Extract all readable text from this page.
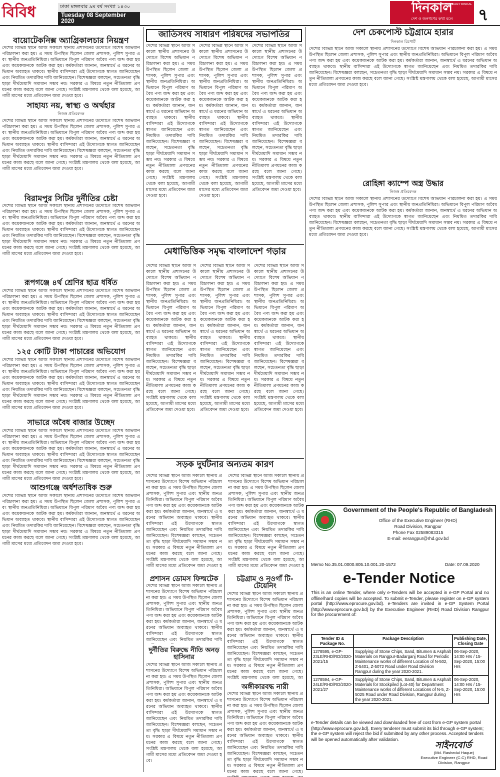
বিবিধ	ঢাকা মঙ্গলবার ৯ম বর্ষ সংখ্যা ১৪৩০
Tuesday 08 September 2020
THE DAILY DINKAL
দিনকাল
দেশ ও জনগণের কথা বলে	৭
বায়োটেকনিক্স অ্যাগ্রিকালচার নিয়ন্ত্রণ
দেশের বিভিন্ন স্থানে আজ সকালে স্থানীয় প্রশাসনের উদ্যোগে বিশেষ অভিযান পরিচালনা করা হয়। এ সময় উপস্থিত ছিলেন জেলা প্রশাসক, পুলিশ সুপার এবং স্থানীয় জনপ্রতিনিধিরা। অভিযানে বিপুল পরিমাণ অবৈধ পণ্য জব্দ করা হয় এবং কয়েকজনকে আটক করা হয়। কর্মকর্তারা জানান, জনস্বার্থে এ ধরনের অভিযান অব্যাহত থাকবে। স্থানীয় বাসিন্দারা এই উদ্যোগকে স্বাগত জানিয়েছেন এবং নিয়মিত তদারকির দাবি জানিয়েছেন। বিশেষজ্ঞরা বলছেন, সচেতনতা বৃদ্ধি ছাড়া দীর্ঘমেয়াদি সমাধান সম্ভব নয়। সরকার এ বিষয়ে নতুন নীতিমালা প্রণয়নের কাজ করছে বলে জানা গেছে। সংশ্লিষ্ট মন্ত্রণালয় থেকে বলা হয়েছে, আগামী মাসের মধ্যে প্রতিবেদন জমা দেওয়া হবে।
সাহায্য নয়, স্বাস্থ্য ও অর্থহার
নিজস্ব প্রতিবেদক
দেশের বিভিন্ন স্থানে আজ সকালে স্থানীয় প্রশাসনের উদ্যোগে বিশেষ অভিযান পরিচালনা করা হয়। এ সময় উপস্থিত ছিলেন জেলা প্রশাসক, পুলিশ সুপার এবং স্থানীয় জনপ্রতিনিধিরা। অভিযানে বিপুল পরিমাণ অবৈধ পণ্য জব্দ করা হয় এবং কয়েকজনকে আটক করা হয়। কর্মকর্তারা জানান, জনস্বার্থে এ ধরনের অভিযান অব্যাহত থাকবে। স্থানীয় বাসিন্দারা এই উদ্যোগকে স্বাগত জানিয়েছেন এবং নিয়মিত তদারকির দাবি জানিয়েছেন। বিশেষজ্ঞরা বলছেন, সচেতনতা বৃদ্ধি ছাড়া দীর্ঘমেয়াদি সমাধান সম্ভব নয়। সরকার এ বিষয়ে নতুন নীতিমালা প্রণয়নের কাজ করছে বলে জানা গেছে। সংশ্লিষ্ট মন্ত্রণালয় থেকে বলা হয়েছে, আগামী মাসের মধ্যে প্রতিবেদন জমা দেওয়া হবে।
বিরামপুর সিটির দুর্নীতির চেষ্টা
দেশের বিভিন্ন স্থানে আজ সকালে স্থানীয় প্রশাসনের উদ্যোগে বিশেষ অভিযান পরিচালনা করা হয়। এ সময় উপস্থিত ছিলেন জেলা প্রশাসক, পুলিশ সুপার এবং স্থানীয় জনপ্রতিনিধিরা। অভিযানে বিপুল পরিমাণ অবৈধ পণ্য জব্দ করা হয় এবং কয়েকজনকে আটক করা হয়। কর্মকর্তারা জানান, জনস্বার্থে এ ধরনের অভিযান অব্যাহত থাকবে। স্থানীয় বাসিন্দারা এই উদ্যোগকে স্বাগত জানিয়েছেন এবং নিয়মিত তদারকির দাবি জানিয়েছেন। বিশেষজ্ঞরা বলছেন, সচেতনতা বৃদ্ধি ছাড়া দীর্ঘমেয়াদি সমাধান সম্ভব নয়। সরকার এ বিষয়ে নতুন নীতিমালা প্রণয়নের কাজ করছে বলে জানা গেছে। সংশ্লিষ্ট মন্ত্রণালয় থেকে বলা হয়েছে, আগামী মাসের মধ্যে প্রতিবেদন জমা দেওয়া হবে।
রূপগঞ্জে ৪র্থ শ্রেণির ছাত্র ধর্ষিত
দেশের বিভিন্ন স্থানে আজ সকালে স্থানীয় প্রশাসনের উদ্যোগে বিশেষ অভিযান পরিচালনা করা হয়। এ সময় উপস্থিত ছিলেন জেলা প্রশাসক, পুলিশ সুপার এবং স্থানীয় জনপ্রতিনিধিরা। অভিযানে বিপুল পরিমাণ অবৈধ পণ্য জব্দ করা হয় এবং কয়েকজনকে আটক করা হয়। কর্মকর্তারা জানান, জনস্বার্থে এ ধরনের অভিযান অব্যাহত থাকবে। স্থানীয় বাসিন্দারা এই উদ্যোগকে স্বাগত জানিয়েছেন এবং নিয়মিত তদারকির দাবি জানিয়েছেন। বিশেষজ্ঞরা বলছেন, সচেতনতা বৃদ্ধি ছাড়া দীর্ঘমেয়াদি সমাধান সম্ভব নয়। সরকার এ বিষয়ে নতুন নীতিমালা প্রণয়নের কাজ করছে বলে জানা গেছে। সংশ্লিষ্ট মন্ত্রণালয় থেকে বলা হয়েছে, আগামী মাসের মধ্যে প্রতিবেদন জমা দেওয়া হবে।
১২৫ কোটি টাকা পাচারের অভিযোগ
দেশের বিভিন্ন স্থানে আজ সকালে স্থানীয় প্রশাসনের উদ্যোগে বিশেষ অভিযান পরিচালনা করা হয়। এ সময় উপস্থিত ছিলেন জেলা প্রশাসক, পুলিশ সুপার এবং স্থানীয় জনপ্রতিনিধিরা। অভিযানে বিপুল পরিমাণ অবৈধ পণ্য জব্দ করা হয় এবং কয়েকজনকে আটক করা হয়। কর্মকর্তারা জানান, জনস্বার্থে এ ধরনের অভিযান অব্যাহত থাকবে। স্থানীয় বাসিন্দারা এই উদ্যোগকে স্বাগত জানিয়েছেন এবং নিয়মিত তদারকির দাবি জানিয়েছেন। বিশেষজ্ঞরা বলছেন, সচেতনতা বৃদ্ধি ছাড়া দীর্ঘমেয়াদি সমাধান সম্ভব নয়। সরকার এ বিষয়ে নতুন নীতিমালা প্রণয়নের কাজ করছে বলে জানা গেছে। সংশ্লিষ্ট মন্ত্রণালয় থেকে বলা হয়েছে, আগামী মাসের মধ্যে প্রতিবেদন জমা দেওয়া হবে।
সাভারে অবৈধ বাজার উচ্ছেদ
দেশের বিভিন্ন স্থানে আজ সকালে স্থানীয় প্রশাসনের উদ্যোগে বিশেষ অভিযান পরিচালনা করা হয়। এ সময় উপস্থিত ছিলেন জেলা প্রশাসক, পুলিশ সুপার এবং স্থানীয় জনপ্রতিনিধিরা। অভিযানে বিপুল পরিমাণ অবৈধ পণ্য জব্দ করা হয় এবং কয়েকজনকে আটক করা হয়। কর্মকর্তারা জানান, জনস্বার্থে এ ধরনের অভিযান অব্যাহত থাকবে। স্থানীয় বাসিন্দারা এই উদ্যোগকে স্বাগত জানিয়েছেন এবং নিয়মিত তদারকির দাবি জানিয়েছেন। বিশেষজ্ঞরা বলছেন, সচেতনতা বৃদ্ধি ছাড়া দীর্ঘমেয়াদি সমাধান সম্ভব নয়। সরকার এ বিষয়ে নতুন নীতিমালা প্রণয়নের কাজ করছে বলে জানা গেছে। সংশ্লিষ্ট মন্ত্রণালয় থেকে বলা হয়েছে, আগামী মাসের মধ্যে প্রতিবেদন জমা দেওয়া হবে।
আশুগঞ্জে অর্ধশতাধিক শুরু
দেশের বিভিন্ন স্থানে আজ সকালে স্থানীয় প্রশাসনের উদ্যোগে বিশেষ অভিযান পরিচালনা করা হয়। এ সময় উপস্থিত ছিলেন জেলা প্রশাসক, পুলিশ সুপার এবং স্থানীয় জনপ্রতিনিধিরা। অভিযানে বিপুল পরিমাণ অবৈধ পণ্য জব্দ করা হয় এবং কয়েকজনকে আটক করা হয়। কর্মকর্তারা জানান, জনস্বার্থে এ ধরনের অভিযান অব্যাহত থাকবে। স্থানীয় বাসিন্দারা এই উদ্যোগকে স্বাগত জানিয়েছেন এবং নিয়মিত তদারকির দাবি জানিয়েছেন। বিশেষজ্ঞরা বলছেন, সচেতনতা বৃদ্ধি ছাড়া দীর্ঘমেয়াদি সমাধান সম্ভব নয়। সরকার এ বিষয়ে নতুন নীতিমালা প্রণয়নের কাজ করছে বলে জানা গেছে। সংশ্লিষ্ট মন্ত্রণালয় থেকে বলা হয়েছে, আগামী মাসের মধ্যে প্রতিবেদন জমা দেওয়া হবে।
জাতিসংঘ সাধারণ পরিষদের সভাপতির
দেশের বিভিন্ন স্থানে আজ সকালে স্থানীয় প্রশাসনের উদ্যোগে বিশেষ অভিযান পরিচালনা করা হয়। এ সময় উপস্থিত ছিলেন জেলা প্রশাসক, পুলিশ সুপার এবং স্থানীয় জনপ্রতিনিধিরা। অভিযানে বিপুল পরিমাণ অবৈধ পণ্য জব্দ করা হয় এবং কয়েকজনকে আটক করা হয়। কর্মকর্তারা জানান, জনস্বার্থে এ ধরনের অভিযান অব্যাহত থাকবে। স্থানীয় বাসিন্দারা এই উদ্যোগকে স্বাগত জানিয়েছেন এবং নিয়মিত তদারকির দাবি জানিয়েছেন। বিশেষজ্ঞরা বলছেন, সচেতনতা বৃদ্ধি ছাড়া দীর্ঘমেয়াদি সমাধান সম্ভব নয়। সরকার এ বিষয়ে নতুন নীতিমালা প্রণয়নের কাজ করছে বলে জানা গেছে। সংশ্লিষ্ট মন্ত্রণালয় থেকে বলা হয়েছে, আগামী মাসের মধ্যে প্রতিবেদন জমা দেওয়া হবে।
দেশের বিভিন্ন স্থানে আজ সকালে স্থানীয় প্রশাসনের উদ্যোগে বিশেষ অভিযান পরিচালনা করা হয়। এ সময় উপস্থিত ছিলেন জেলা প্রশাসক, পুলিশ সুপার এবং স্থানীয় জনপ্রতিনিধিরা। অভিযানে বিপুল পরিমাণ অবৈধ পণ্য জব্দ করা হয় এবং কয়েকজনকে আটক করা হয়। কর্মকর্তারা জানান, জনস্বার্থে এ ধরনের অভিযান অব্যাহত থাকবে। স্থানীয় বাসিন্দারা এই উদ্যোগকে স্বাগত জানিয়েছেন এবং নিয়মিত তদারকির দাবি জানিয়েছেন। বিশেষজ্ঞরা বলছেন, সচেতনতা বৃদ্ধি ছাড়া দীর্ঘমেয়াদি সমাধান সম্ভব নয়। সরকার এ বিষয়ে নতুন নীতিমালা প্রণয়নের কাজ করছে বলে জানা গেছে। সংশ্লিষ্ট মন্ত্রণালয় থেকে বলা হয়েছে, আগামী মাসের মধ্যে প্রতিবেদন জমা দেওয়া হবে।
দেশের বিভিন্ন স্থানে আজ সকালে স্থানীয় প্রশাসনের উদ্যোগে বিশেষ অভিযান পরিচালনা করা হয়। এ সময় উপস্থিত ছিলেন জেলা প্রশাসক, পুলিশ সুপার এবং স্থানীয় জনপ্রতিনিধিরা। অভিযানে বিপুল পরিমাণ অবৈধ পণ্য জব্দ করা হয় এবং কয়েকজনকে আটক করা হয়। কর্মকর্তারা জানান, জনস্বার্থে এ ধরনের অভিযান অব্যাহত থাকবে। স্থানীয় বাসিন্দারা এই উদ্যোগকে স্বাগত জানিয়েছেন এবং নিয়মিত তদারকির দাবি জানিয়েছেন। বিশেষজ্ঞরা বলছেন, সচেতনতা বৃদ্ধি ছাড়া দীর্ঘমেয়াদি সমাধান সম্ভব নয়। সরকার এ বিষয়ে নতুন নীতিমালা প্রণয়নের কাজ করছে বলে জানা গেছে। সংশ্লিষ্ট মন্ত্রণালয় থেকে বলা হয়েছে, আগামী মাসের মধ্যে প্রতিবেদন জমা দেওয়া হবে।
দেশ চেকপোস্ট চট্টগ্রামে হারার
দিনকাল রিপোর্ট
দেশের বিভিন্ন স্থানে আজ সকালে স্থানীয় প্রশাসনের উদ্যোগে বিশেষ অভিযান পরিচালনা করা হয়। এ সময় উপস্থিত ছিলেন জেলা প্রশাসক, পুলিশ সুপার এবং স্থানীয় জনপ্রতিনিধিরা। অভিযানে বিপুল পরিমাণ অবৈধ পণ্য জব্দ করা হয় এবং কয়েকজনকে আটক করা হয়। কর্মকর্তারা জানান, জনস্বার্থে এ ধরনের অভিযান অব্যাহত থাকবে। স্থানীয় বাসিন্দারা এই উদ্যোগকে স্বাগত জানিয়েছেন এবং নিয়মিত তদারকির দাবি জানিয়েছেন। বিশেষজ্ঞরা বলছেন, সচেতনতা বৃদ্ধি ছাড়া দীর্ঘমেয়াদি সমাধান সম্ভব নয়। সরকার এ বিষয়ে নতুন নীতিমালা প্রণয়নের কাজ করছে বলে জানা গেছে। সংশ্লিষ্ট মন্ত্রণালয় থেকে বলা হয়েছে, আগামী মাসের মধ্যে প্রতিবেদন জমা দেওয়া হবে।
রোহিঙ্গা ক্যাম্পে অস্ত্র উদ্ধার
নিজস্ব প্রতিবেদক
দেশের বিভিন্ন স্থানে আজ সকালে স্থানীয় প্রশাসনের উদ্যোগে বিশেষ অভিযান পরিচালনা করা হয়। এ সময় উপস্থিত ছিলেন জেলা প্রশাসক, পুলিশ সুপার এবং স্থানীয় জনপ্রতিনিধিরা। অভিযানে বিপুল পরিমাণ অবৈধ পণ্য জব্দ করা হয় এবং কয়েকজনকে আটক করা হয়। কর্মকর্তারা জানান, জনস্বার্থে এ ধরনের অভিযান অব্যাহত থাকবে। স্থানীয় বাসিন্দারা এই উদ্যোগকে স্বাগত জানিয়েছেন এবং নিয়মিত তদারকির দাবি জানিয়েছেন। বিশেষজ্ঞরা বলছেন, সচেতনতা বৃদ্ধি ছাড়া দীর্ঘমেয়াদি সমাধান সম্ভব নয়। সরকার এ বিষয়ে নতুন নীতিমালা প্রণয়নের কাজ করছে বলে জানা গেছে। সংশ্লিষ্ট মন্ত্রণালয় থেকে বলা হয়েছে, আগামী মাসের মধ্যে প্রতিবেদন জমা দেওয়া হবে।
মেধাভিত্তিক সমৃদ্ধ বাংলাদেশ গড়ার
দেশের বিভিন্ন স্থানে আজ সকালে স্থানীয় প্রশাসনের উদ্যোগে বিশেষ অভিযান পরিচালনা করা হয়। এ সময় উপস্থিত ছিলেন জেলা প্রশাসক, পুলিশ সুপার এবং স্থানীয় জনপ্রতিনিধিরা। অভিযানে বিপুল পরিমাণ অবৈধ পণ্য জব্দ করা হয় এবং কয়েকজনকে আটক করা হয়। কর্মকর্তারা জানান, জনস্বার্থে এ ধরনের অভিযান অব্যাহত থাকবে। স্থানীয় বাসিন্দারা এই উদ্যোগকে স্বাগত জানিয়েছেন এবং নিয়মিত তদারকির দাবি জানিয়েছেন। বিশেষজ্ঞরা বলছেন, সচেতনতা বৃদ্ধি ছাড়া দীর্ঘমেয়াদি সমাধান সম্ভব নয়। সরকার এ বিষয়ে নতুন নীতিমালা প্রণয়নের কাজ করছে বলে জানা গেছে। সংশ্লিষ্ট মন্ত্রণালয় থেকে বলা হয়েছে, আগামী মাসের মধ্যে প্রতিবেদন জমা দেওয়া হবে।
দেশের বিভিন্ন স্থানে আজ সকালে স্থানীয় প্রশাসনের উদ্যোগে বিশেষ অভিযান পরিচালনা করা হয়। এ সময় উপস্থিত ছিলেন জেলা প্রশাসক, পুলিশ সুপার এবং স্থানীয় জনপ্রতিনিধিরা। অভিযানে বিপুল পরিমাণ অবৈধ পণ্য জব্দ করা হয় এবং কয়েকজনকে আটক করা হয়। কর্মকর্তারা জানান, জনস্বার্থে এ ধরনের অভিযান অব্যাহত থাকবে। স্থানীয় বাসিন্দারা এই উদ্যোগকে স্বাগত জানিয়েছেন এবং নিয়মিত তদারকির দাবি জানিয়েছেন। বিশেষজ্ঞরা বলছেন, সচেতনতা বৃদ্ধি ছাড়া দীর্ঘমেয়াদি সমাধান সম্ভব নয়। সরকার এ বিষয়ে নতুন নীতিমালা প্রণয়নের কাজ করছে বলে জানা গেছে। সংশ্লিষ্ট মন্ত্রণালয় থেকে বলা হয়েছে, আগামী মাসের মধ্যে প্রতিবেদন জমা দেওয়া হবে।
দেশের বিভিন্ন স্থানে আজ সকালে স্থানীয় প্রশাসনের উদ্যোগে বিশেষ অভিযান পরিচালনা করা হয়। এ সময় উপস্থিত ছিলেন জেলা প্রশাসক, পুলিশ সুপার এবং স্থানীয় জনপ্রতিনিধিরা। অভিযানে বিপুল পরিমাণ অবৈধ পণ্য জব্দ করা হয় এবং কয়েকজনকে আটক করা হয়। কর্মকর্তারা জানান, জনস্বার্থে এ ধরনের অভিযান অব্যাহত থাকবে। স্থানীয় বাসিন্দারা এই উদ্যোগকে স্বাগত জানিয়েছেন এবং নিয়মিত তদারকির দাবি জানিয়েছেন। বিশেষজ্ঞরা বলছেন, সচেতনতা বৃদ্ধি ছাড়া দীর্ঘমেয়াদি সমাধান সম্ভব নয়। সরকার এ বিষয়ে নতুন নীতিমালা প্রণয়নের কাজ করছে বলে জানা গেছে। সংশ্লিষ্ট মন্ত্রণালয় থেকে বলা হয়েছে, আগামী মাসের মধ্যে প্রতিবেদন জমা দেওয়া হবে।
সড়ক দুর্ঘটনার অন্যতম কারণ
দেশের বিভিন্ন স্থানে আজ সকালে স্থানীয় প্রশাসনের উদ্যোগে বিশেষ অভিযান পরিচালনা করা হয়। এ সময় উপস্থিত ছিলেন জেলা প্রশাসক, পুলিশ সুপার এবং স্থানীয় জনপ্রতিনিধিরা। অভিযানে বিপুল পরিমাণ অবৈধ পণ্য জব্দ করা হয় এবং কয়েকজনকে আটক করা হয়। কর্মকর্তারা জানান, জনস্বার্থে এ ধরনের অভিযান অব্যাহত থাকবে। স্থানীয় বাসিন্দারা এই উদ্যোগকে স্বাগত জানিয়েছেন এবং নিয়মিত তদারকির দাবি জানিয়েছেন। বিশেষজ্ঞরা বলছেন, সচেতনতা বৃদ্ধি ছাড়া দীর্ঘমেয়াদি সমাধান সম্ভব নয়। সরকার এ বিষয়ে নতুন নীতিমালা প্রণয়নের কাজ করছে বলে জানা গেছে। সংশ্লিষ্ট মন্ত্রণালয় থেকে বলা হয়েছে, আগামী মাসের মধ্যে প্রতিবেদন জমা দেওয়া হ
দেশের বিভিন্ন স্থানে আজ সকালে স্থানীয় প্রশাসনের উদ্যোগে বিশেষ অভিযান পরিচালনা করা হয়। এ সময় উপস্থিত ছিলেন জেলা প্রশাসক, পুলিশ সুপার এবং স্থানীয় জনপ্রতিনিধিরা। অভিযানে বিপুল পরিমাণ অবৈধ পণ্য জব্দ করা হয় এবং কয়েকজনকে আটক করা হয়। কর্মকর্তারা জানান, জনস্বার্থে এ ধরনের অভিযান অব্যাহত থাকবে। স্থানীয় বাসিন্দারা এই উদ্যোগকে স্বাগত জানিয়েছেন এবং নিয়মিত তদারকির দাবি জানিয়েছেন। বিশেষজ্ঞরা বলছেন, সচেতনতা বৃদ্ধি ছাড়া দীর্ঘমেয়াদি সমাধান সম্ভব নয়। সরকার এ বিষয়ে নতুন নীতিমালা প্রণয়নের কাজ করছে বলে জানা গেছে। সংশ্লিষ্ট মন্ত্রণালয় থেকে বলা হয়েছে, আগামী মাসের মধ্যে প্রতিবেদন জমা দেওয়া হ
প্রশাসন ডোমস ফিল্মটেক
দেশের বিভিন্ন স্থানে আজ সকালে স্থানীয় প্রশাসনের উদ্যোগে বিশেষ অভিযান পরিচালনা করা হয়। এ সময় উপস্থিত ছিলেন জেলা প্রশাসক, পুলিশ সুপার এবং স্থানীয় জনপ্রতিনিধিরা। অভিযানে বিপুল পরিমাণ অবৈধ পণ্য জব্দ করা হয় এবং কয়েকজনকে আটক করা হয়। কর্মকর্তারা জানান, জনস্বার্থে এ ধরনের অভিযান অব্যাহত থাকবে। স্থানীয় বাসিন্দারা এই উদ্যোগকে স্বাগত জানিয়েছেন এবং নিয়মিত তদারকির দাবি
দুর্নীতির বিরুদ্ধে নীতি অনড় হাসিনার
দেশের বিভিন্ন স্থানে আজ সকালে স্থানীয় প্রশাসনের উদ্যোগে বিশেষ অভিযান পরিচালনা করা হয়। এ সময় উপস্থিত ছিলেন জেলা প্রশাসক, পুলিশ সুপার এবং স্থানীয় জনপ্রতিনিধিরা। অভিযানে বিপুল পরিমাণ অবৈধ পণ্য জব্দ করা হয় এবং কয়েকজনকে আটক করা হয়। কর্মকর্তারা জানান, জনস্বার্থে এ ধরনের অভিযান অব্যাহত থাকবে। স্থানীয় বাসিন্দারা এই উদ্যোগকে স্বাগত জানিয়েছেন এবং নিয়মিত তদারকির দাবি জানিয়েছেন। বিশেষজ্ঞরা বলছেন, সচেতনতা বৃদ্ধি ছাড়া দীর্ঘমেয়াদি সমাধান সম্ভব নয়। সরকার এ বিষয়ে নতুন নীতিমালা প্রণয়নের কাজ করছে বলে জানা গেছে। সংশ্লিষ্ট মন্ত্রণালয় থেকে বলা হয়েছে, আগামী মাসের মধ্যে প্রতিবেদন জমা দেওয়া হবে।
চট্টগ্রাম ও নওগাঁ টি-টেয়েনিং
দেশের বিভিন্ন স্থানে আজ সকালে স্থানীয় প্রশাসনের উদ্যোগে বিশেষ অভিযান পরিচালনা করা হয়। এ সময় উপস্থিত ছিলেন জেলা প্রশাসক, পুলিশ সুপার এবং স্থানীয় জনপ্রতিনিধিরা। অভিযানে বিপুল পরিমাণ অবৈধ পণ্য জব্দ করা হয় এবং কয়েকজনকে আটক করা হয়। কর্মকর্তারা জানান, জনস্বার্থে এ ধরনের অভিযান অব্যাহত থাকবে। স্থানীয় বাসিন্দারা এই উদ্যোগকে স্বাগত জানিয়েছেন এবং নিয়মিত তদারকির দাবি জানিয়েছেন। বিশেষজ্ঞরা বলছেন, সচেতনতা বৃদ্ধি ছাড়া দীর্ঘমেয়াদি সমাধান সম্ভব নয়। সরকার এ বিষয়ে নতুন নীতিমালা প্রণয়নের কাজ করছে বলে জানা গেছে। সংশ্লিষ্ট মন্ত্রণালয় থেকে বলা হয়েছে, আ
অঙ্গীকারবদ্ধ নারী
দেশের বিভিন্ন স্থানে আজ সকালে স্থানীয় প্রশাসনের উদ্যোগে বিশেষ অভিযান পরিচালনা করা হয়। এ সময় উপস্থিত ছিলেন জেলা প্রশাসক, পুলিশ সুপার এবং স্থানীয় জনপ্রতিনিধিরা। অভিযানে বিপুল পরিমাণ অবৈধ পণ্য জব্দ করা হয় এবং কয়েকজনকে আটক করা হয়। কর্মকর্তারা জানান, জনস্বার্থে এ ধরনের অভিযান অব্যাহত থাকবে। স্থানীয় বাসিন্দারা এই উদ্যোগকে স্বাগত জানিয়েছেন এবং নিয়মিত তদারকির দাবি জানিয়েছেন। বিশেষজ্ঞরা বলছেন, সচেতনতা বৃদ্ধি ছাড়া দীর্ঘমেয়াদি সমাধান সম্ভব নয়। সরকার এ বিষয়ে নতুন নীতিমালা প্রণয়নের কাজ করছে বলে জানা গেছে।
Government of the People's Republic of Bangladesh
Office of the Executive Engineer (RHD)
Road Division, Rangpur
Phone Fax 02589083315
E-mail: eerangpur@rhd.gov.bd
Memo No.35.01.0000.805.10.001.20-1572	Date: 07.09.2020
e-Tender Notice
This is an online Tender, where only e-Tenders will be accepted in e-GP Portal and no offline/hard copies will be accepted. To submit e-Tender, please register on e-GP system portal (http://www.eprocure.gov.bd). e-Tenders are invited in e-GP System Portal (http://www.eprocure.gov.bd) by the Executive Engineer (RHD) Road Division Rangpur for the procurement of:
Tender ID & Package No.	Package Description	Publishing Date, Closing Date
1278595, e-GP-23LE/RHD/RD/2020-2021/15	Supplying of Stone Chips, Sand, Bitumen & Asphalt Materials on Rangpur-Badarganj Road for Periodic Maintenance works of different Location of N-502, Z-5401, Z-5072 Road under Road Division Rangpur during the year 2020-2021.	06-Sep-2020, 14:00 Hrs / 15-Sep-2020, 15:00 Hrs
1278594, e-GP-24LE/RHD/RD/2020-2021/27	Supplying of Stone Chips, Sand, Bitumen & Asphalt Materials for Stockpiled (Lot-40) for Department Maintenance works of different Locations of N-5, Z-5025 Road under Road Division, Rangpur during the year 2020-2021.	06-Sep-2020, 14:00 Hrs / 15-Sep-2020, 15:00 Hrs
e-Tender details can be viewed and downloaded free of cost from e-GP system portal (http://www.eprocure.gov.bd). Every tenderer must submit its bid through e-GP system; the e-GP system will reject the bid if submitted by any other process. Accepted tenders will be opened automatically after validation.
সাইনবোর্ড
(Md. Rashedul Haque)
Executive Engineer (C.C) RHD, Road Division, Rangpur
